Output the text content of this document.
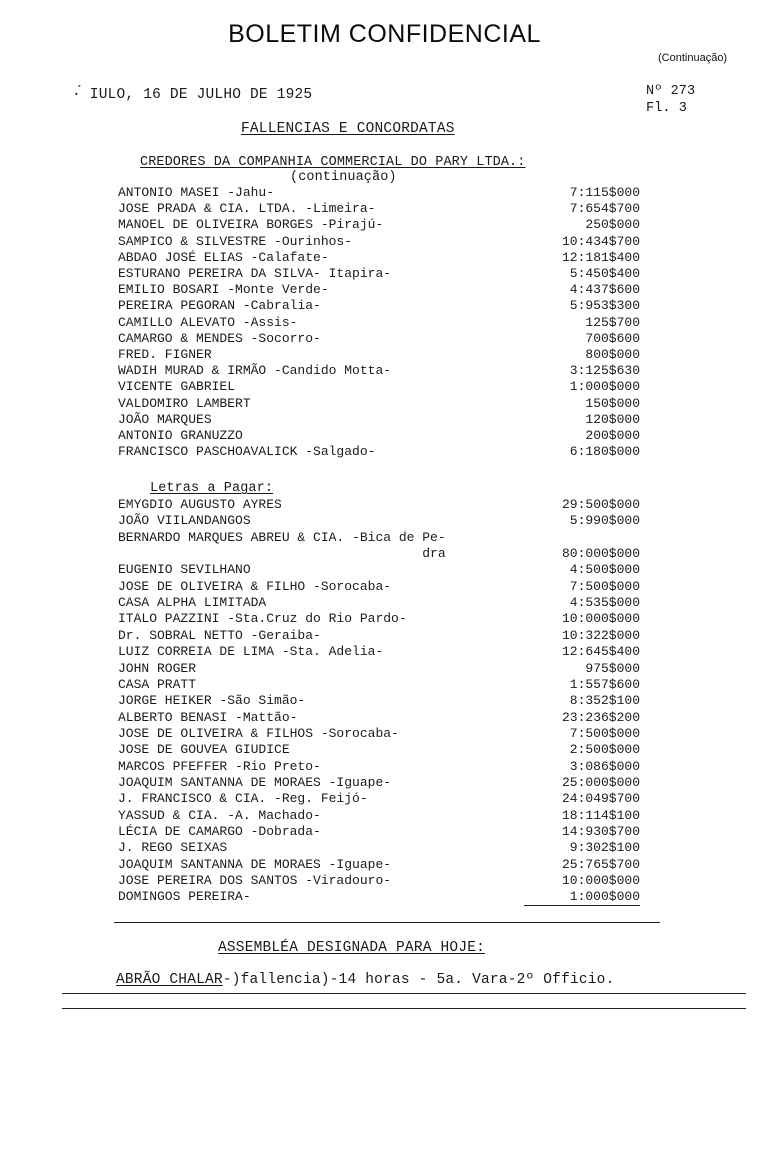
BOLETIM CONFIDENCIAL
(Continuação)
·́ IULO, 16 DE JULHO DE 1925	Nº 273
Fl. 3
FALLENCIAS E CONCORDATAS
CREDORES DA COMPANHIA COMMERCIAL DO PARY LTDA.:
(continuação)
ANTONIO MASEI -Jahu-	7:115$000
JOSE PRADA & CIA. LTDA. -Limeira-	7:654$700
MANOEL DE OLIVEIRA BORGES -Pirajú-	250$000
SAMPICO & SILVESTRE -Ourinhos-	10:434$700
ABDAO JOSÉ ELIAS -Calafate-	12:181$400
ESTURANO PEREIRA DA SILVA- Itapira-	5:450$400
EMILIO BOSARI -Monte Verde-	4:437$600
PEREIRA PEGORAN -Cabralia-	5:953$300
CAMILLO ALEVATO -Assis-	125$700
CAMARGO & MENDES -Socorro-	700$600
FRED. FIGNER	800$000
WADIH MURAD & IRMÃO -Candido Motta-	3:125$630
VICENTE GABRIEL	1:000$000
VALDOMIRO LAMBERT	150$000
JOÃO MARQUES	120$000
ANTONIO GRANUZZO	200$000
FRANCISCO PASCHOAVALICK -Salgado-	6:180$000
Letras a Pagar:
EMYGDIO AUGUSTO AYRES	29:500$000
JOÃO VIILANDANGOS	5:990$000
BERNARDO MARQUES ABREU & CIA. -Bica de Pe-
dra	80:000$000
EUGENIO SEVILHANO	4:500$000
JOSE DE OLIVEIRA & FILHO -Sorocaba-	7:500$000
CASA ALPHA LIMITADA	4:535$000
ITALO PAZZINI -Sta.Cruz do Rio Pardo-	10:000$000
Dr. SOBRAL NETTO -Geraiba-	10:322$000
LUIZ CORREIA DE LIMA -Sta. Adelia-	12:645$400
JOHN ROGER	975$000
CASA PRATT	1:557$600
JORGE HEIKER -São Simão-	8:352$100
ALBERTO BENASI -Mattão-	23:236$200
JOSE DE OLIVEIRA & FILHOS -Sorocaba-	7:500$000
JOSE DE GOUVEA GIUDICE	2:500$000
MARCOS PFEFFER -Rio Preto-	3:086$000
JOAQUIM SANTANNA DE MORAES -Iguape-	25:000$000
J. FRANCISCO & CIA. -Reg. Feijó-	24:049$700
YASSUD & CIA. -A. Machado-	18:114$100
LÉCIA DE CAMARGO -Dobrada-	14:930$700
J. REGO SEIXAS	9:302$100
JOAQUIM SANTANNA DE MORAES -Iguape-	25:765$700
JOSE PEREIRA DOS SANTOS -Viradouro-	10:000$000
DOMINGOS PEREIRA-	1:000$000
ASSEMBLÉA DESIGNADA PARA HOJE:
ABRÃO CHALAR-)fallencia)-14 horas - 5a. Vara-2º Officio.
